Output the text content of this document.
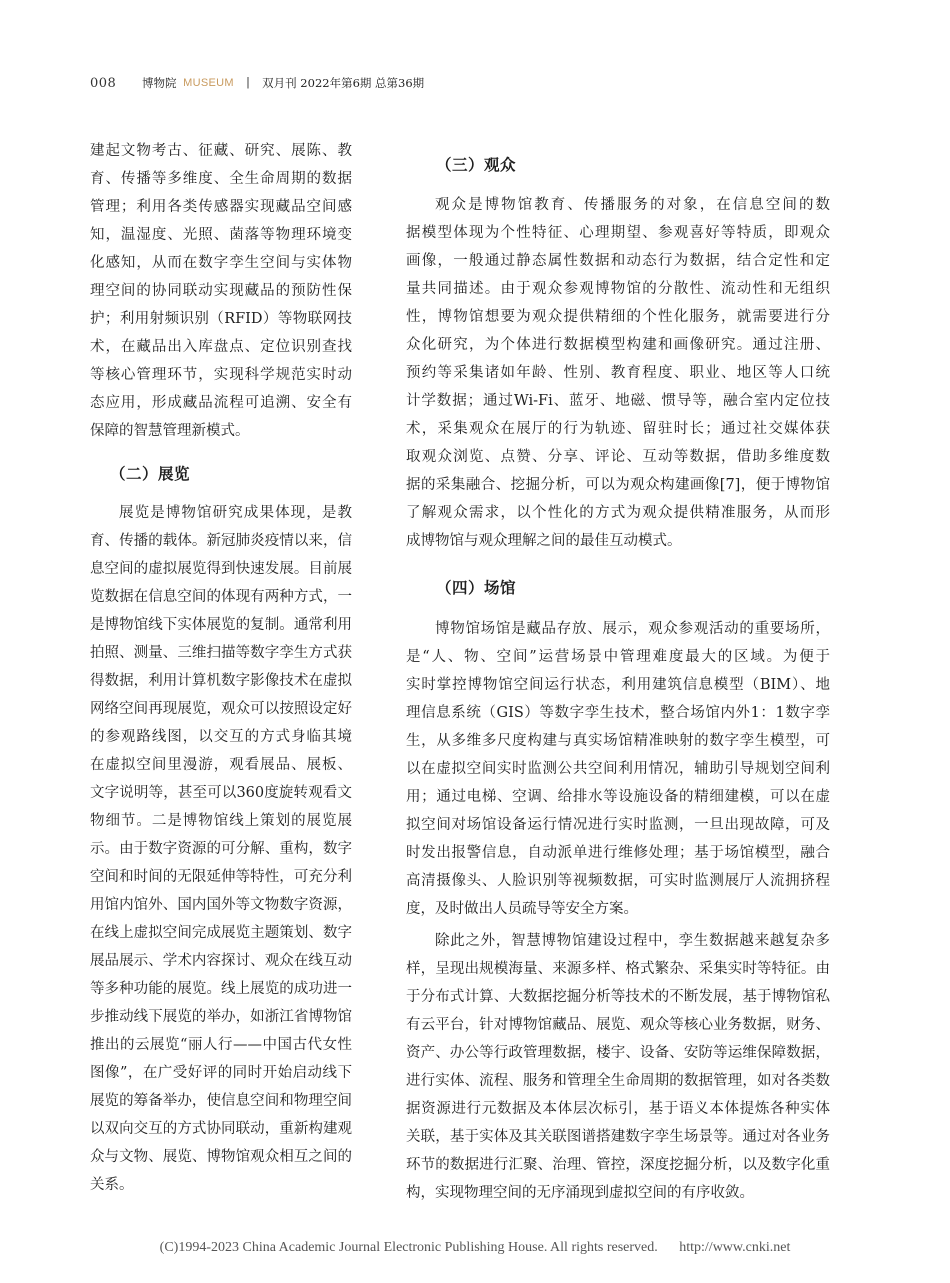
008 博物院 MUSEUM | 双月刊 2022年第6期 总第36期
建起文物考古、征藏、研究、展陈、教
育、传播等多维度、全生命周期的数据
管理；利用各类传感器实现藏品空间感
知，温湿度、光照、菌落等物理环境变
化感知，从而在数字孪生空间与实体物
理空间的协同联动实现藏品的预防性保
护；利用射频识别（RFID）等物联网技
术，在藏品出入库盘点、定位识别查找
等核心管理环节，实现科学规范实时动
态应用，形成藏品流程可追溯、安全有
保障的智慧管理新模式。
（二）展览
展览是博物馆研究成果体现，是教
育、传播的载体。新冠肺炎疫情以来，信
息空间的虚拟展览得到快速发展。目前展
览数据在信息空间的体现有两种方式，一
是博物馆线下实体展览的复制。通常利用
拍照、测量、三维扫描等数字孪生方式获
得数据，利用计算机数字影像技术在虚拟
网络空间再现展览，观众可以按照设定好
的参观路线图，以交互的方式身临其境
在虚拟空间里漫游，观看展品、展板、
文字说明等，甚至可以360度旋转观看文
物细节。二是博物馆线上策划的展览展
示。由于数字资源的可分解、重构，数字
空间和时间的无限延伸等特性，可充分利
用馆内馆外、国内国外等文物数字资源，
在线上虚拟空间完成展览主题策划、数字
展品展示、学术内容探讨、观众在线互动
等多种功能的展览。线上展览的成功进一
步推动线下展览的举办，如浙江省博物馆
推出的云展览“丽人行——中国古代女性
图像”，在广受好评的同时开始启动线下
展览的筹备举办，使信息空间和物理空间
以双向交互的方式协同联动，重新构建观
众与文物、展览、博物馆观众相互之间的
关系。
（三）观众
观众是博物馆教育、传播服务的对象，在信息空间的数
据模型体现为个性特征、心理期望、参观喜好等特质，即观众
画像，一般通过静态属性数据和动态行为数据，结合定性和定
量共同描述。由于观众参观博物馆的分散性、流动性和无组织
性，博物馆想要为观众提供精细的个性化服务，就需要进行分
众化研究，为个体进行数据模型构建和画像研究。通过注册、
预约等采集诸如年龄、性别、教育程度、职业、地区等人口统
计学数据；通过Wi-Fi、蓝牙、地磁、惯导等，融合室内定位技
术，采集观众在展厅的行为轨迹、留驻时长；通过社交媒体获
取观众浏览、点赞、分享、评论、互动等数据，借助多维度数
据的采集融合、挖掘分析，可以为观众构建画像[7]，便于博物馆
了解观众需求，以个性化的方式为观众提供精准服务，从而形
成博物馆与观众理解之间的最佳互动模式。
（四）场馆
博物馆场馆是藏品存放、展示，观众参观活动的重要场所，
是“人、物、空间”运营场景中管理难度最大的区域。为便于
实时掌控博物馆空间运行状态，利用建筑信息模型（BIM）、地
理信息系统（GIS）等数字孪生技术，整合场馆内外1：1数字孪
生，从多维多尺度构建与真实场馆精准映射的数字孪生模型，可
以在虚拟空间实时监测公共空间利用情况，辅助引导规划空间利
用；通过电梯、空调、给排水等设施设备的精细建模，可以在虚
拟空间对场馆设备运行情况进行实时监测，一旦出现故障，可及
时发出报警信息，自动派单进行维修处理；基于场馆模型，融合
高清摄像头、人脸识别等视频数据，可实时监测展厅人流拥挤程
度，及时做出人员疏导等安全方案。
除此之外，智慧博物馆建设过程中，孪生数据越来越复杂多
样，呈现出规模海量、来源多样、格式繁杂、采集实时等特征。由
于分布式计算、大数据挖掘分析等技术的不断发展，基于博物馆私
有云平台，针对博物馆藏品、展览、观众等核心业务数据，财务、
资产、办公等行政管理数据，楼宇、设备、安防等运维保障数据，
进行实体、流程、服务和管理全生命周期的数据管理，如对各类数
据资源进行元数据及本体层次标引，基于语义本体提炼各种实体
关联，基于实体及其关联图谱搭建数字孪生场景等。通过对各业务
环节的数据进行汇聚、治理、管控，深度挖掘分析，以及数字化重
构，实现物理空间的无序涌现到虚拟空间的有序收敛。
(C)1994-2023 China Academic Journal Electronic Publishing House. All rights reserved. http://www.cnki.net
